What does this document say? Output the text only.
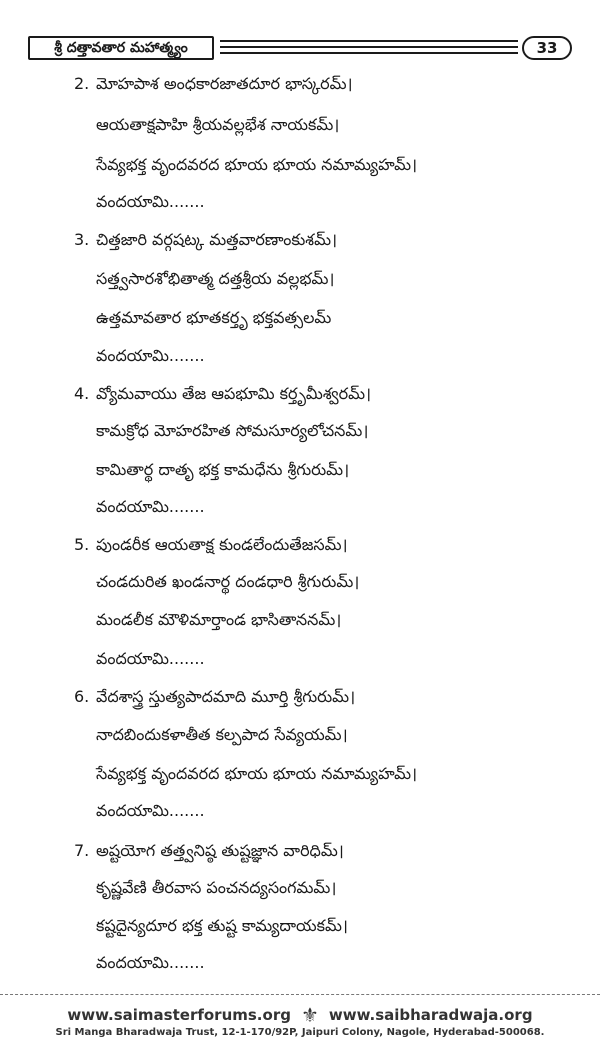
శ్రీ దత్తావతార మహాత్మ్యం	33
2. మోహపాశ అంధకారజాతదూర భాస్కరమ్।
ఆయతాక్షపాహి శ్రీయవల్లభేశ నాయకమ్।
సేవ్యభక్త వృందవరద భూయ భూయ నమామ్యహమ్।
వందయామి.......
3. చిత్తజారి వర్గషట్క మత్తవారణాంకుశమ్।
సత్త్వసారశోభితాత్మ దత్తశ్రీయ వల్లభమ్।
ఉత్తమావతార భూతకర్తృ భక్తవత్సలమ్
వందయామి.......
4. వ్యోమవాయు తేజ ఆపభూమి కర్తృమీశ్వరమ్।
కామక్రోధ మోహరహిత సోమసూర్యలోచనమ్।
కామితార్థ దాతృ భక్త కామధేను శ్రీగురుమ్।
వందయామి.......
5. పుండరీక ఆయతాక్ష కుండలేందుతేజసమ్।
చండదురిత ఖండనార్థ దండధారి శ్రీగురుమ్।
మండలీక మౌళిమార్తాండ భాసితాననమ్।
వందయామి.......
6. వేదశాస్త్ర స్తుత్యపాదమాది మూర్తి శ్రీగురుమ్।
నాదబిందుకళాతీత కల్పపాద సేవ్యయమ్।
సేవ్యభక్త వృందవరద భూయ భూయ నమామ్యహమ్।
వందయామి.......
7. అష్టయోగ తత్త్వనిష్ఠ తుష్టజ్ఞాన వారిధిమ్।
కృష్ణవేణి తీరవాస పంచనద్యసంగమమ్।
కష్టదైన్యదూర భక్త తుష్ట కామ్యదాయకమ్।
వందయామి.......
www.saimasterforums.org ⚜ www.saibharadwaja.org
Sri Manga Bharadwaja Trust, 12-1-170/92P, Jaipuri Colony, Nagole, Hyderabad-500068.
